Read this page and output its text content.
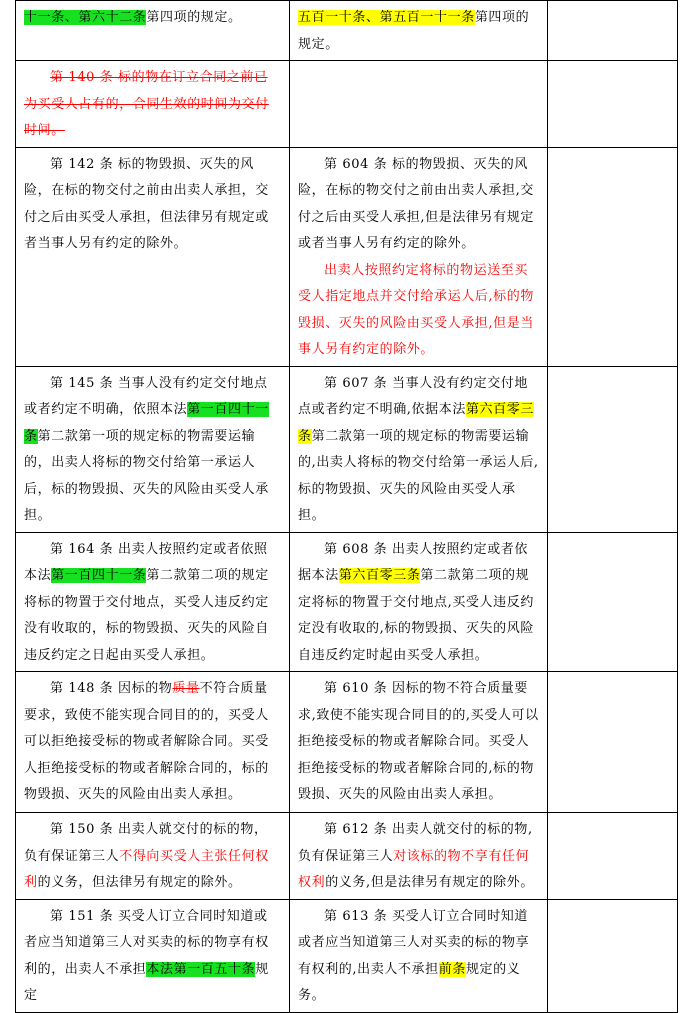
十一条、第六十二条第四项的规定。	五百一十条、第五百一十一条第四项的规定。	

第 140 条 标的物在订立合同之前已为买受人占有的，合同生效的时间为交付时间。		

第 142 条 标的物毁损、灭失的风险，在标的物交付之前由出卖人承担，交付之后由买受人承担，但法律另有规定或者当事人另有约定的除外。	第 604 条 标的物毁损、灭失的风险，在标的物交付之前由出卖人承担,交付之后由买受人承担,但是法律另有规定或者当事人另有约定的除外。

出卖人按照约定将标的物运送至买受人指定地点并交付给承运人后,标的物毁损、灭失的风险由买受人承担,但是当事人另有约定的除外。	

第 145 条 当事人没有约定交付地点或者约定不明确，依照本法第一百四十一条第二款第一项的规定标的物需要运输的，出卖人将标的物交付给第一承运人后，标的物毁损、灭失的风险由买受人承担。	第 607 条 当事人没有约定交付地点或者约定不明确,依据本法第六百零三条第二款第一项的规定标的物需要运输的,出卖人将标的物交付给第一承运人后,标的物毁损、灭失的风险由买受人承担。	

第 164 条 出卖人按照约定或者依照本法第一百四十一条第二款第二项的规定将标的物置于交付地点，买受人违反约定没有收取的，标的物毁损、灭失的风险自违反约定之日起由买受人承担。	第 608 条 出卖人按照约定或者依据本法第六百零三条第二款第二项的规定将标的物置于交付地点,买受人违反约定没有收取的,标的物毁损、灭失的风险自违反约定时起由买受人承担。	

第 148 条 因标的物质量不符合质量要求，致使不能实现合同目的的，买受人可以拒绝接受标的物或者解除合同。买受人拒绝接受标的物或者解除合同的，标的物毁损、灭失的风险由出卖人承担。	第 610 条 因标的物不符合质量要求,致使不能实现合同目的的,买受人可以拒绝接受标的物或者解除合同。买受人拒绝接受标的物或者解除合同的,标的物毁损、灭失的风险由出卖人承担。	

第 150 条 出卖人就交付的标的物，负有保证第三人不得向买受人主张任何权利的义务，但法律另有规定的除外。	第 612 条 出卖人就交付的标的物,负有保证第三人对该标的物不享有任何权利的义务,但是法律另有规定的除外。	

第 151 条 买受人订立合同时知道或者应当知道第三人对买卖的标的物享有权利的，出卖人不承担本法第一百五十条规定	第 613 条 买受人订立合同时知道或者应当知道第三人对买卖的标的物享有权利的,出卖人不承担前条规定的义务。	
